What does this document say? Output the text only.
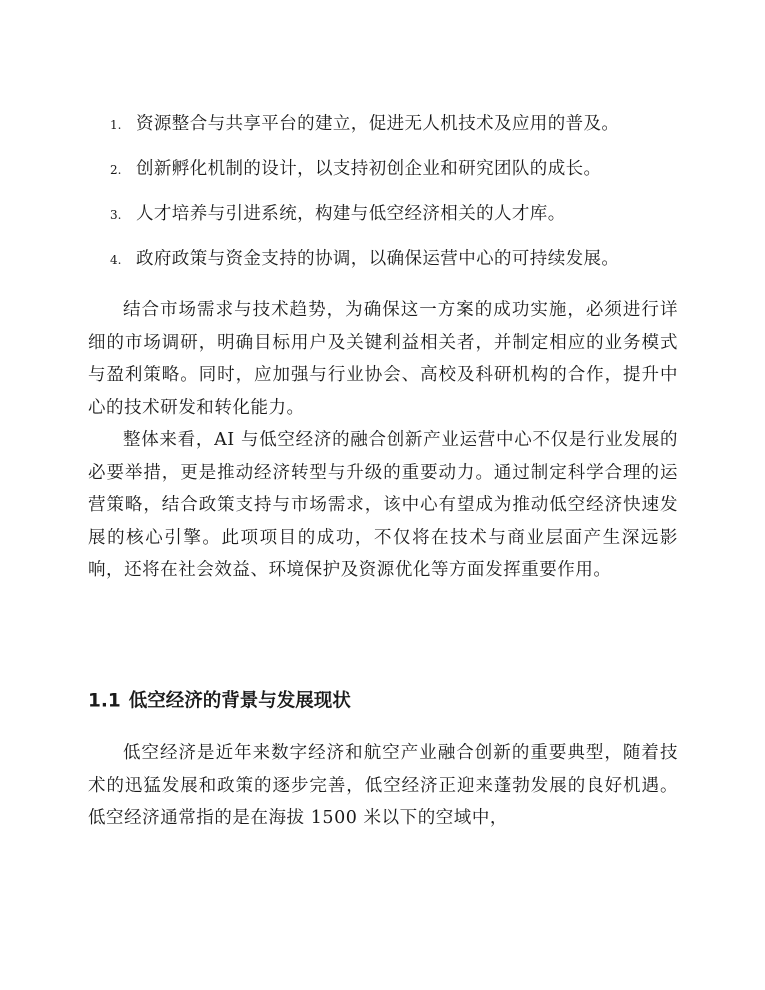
1. 资源整合与共享平台的建立，促进无人机技术及应用的普及。
2. 创新孵化机制的设计，以支持初创企业和研究团队的成长。
3. 人才培养与引进系统，构建与低空经济相关的人才库。
4. 政府政策与资金支持的协调，以确保运营中心的可持续发展。

结合市场需求与技术趋势，为确保这一方案的成功实施，必须进行详细的市场调研，明确目标用户及关键利益相关者，并制定相应的业务模式与盈利策略。同时，应加强与行业协会、高校及科研机构的合作，提升中心的技术研发和转化能力。

整体来看，AI 与低空经济的融合创新产业运营中心不仅是行业发展的必要举措，更是推动经济转型与升级的重要动力。通过制定科学合理的运营策略，结合政策支持与市场需求，该中心有望成为推动低空经济快速发展的核心引擎。此项项目的成功，不仅将在技术与商业层面产生深远影响，还将在社会效益、环境保护及资源优化等方面发挥重要作用。

1.1 低空经济的背景与发展现状

低空经济是近年来数字经济和航空产业融合创新的重要典型，随着技术的迅猛发展和政策的逐步完善，低空经济正迎来蓬勃发展的良好机遇。低空经济通常指的是在海拔 1500 米以下的空域中，
